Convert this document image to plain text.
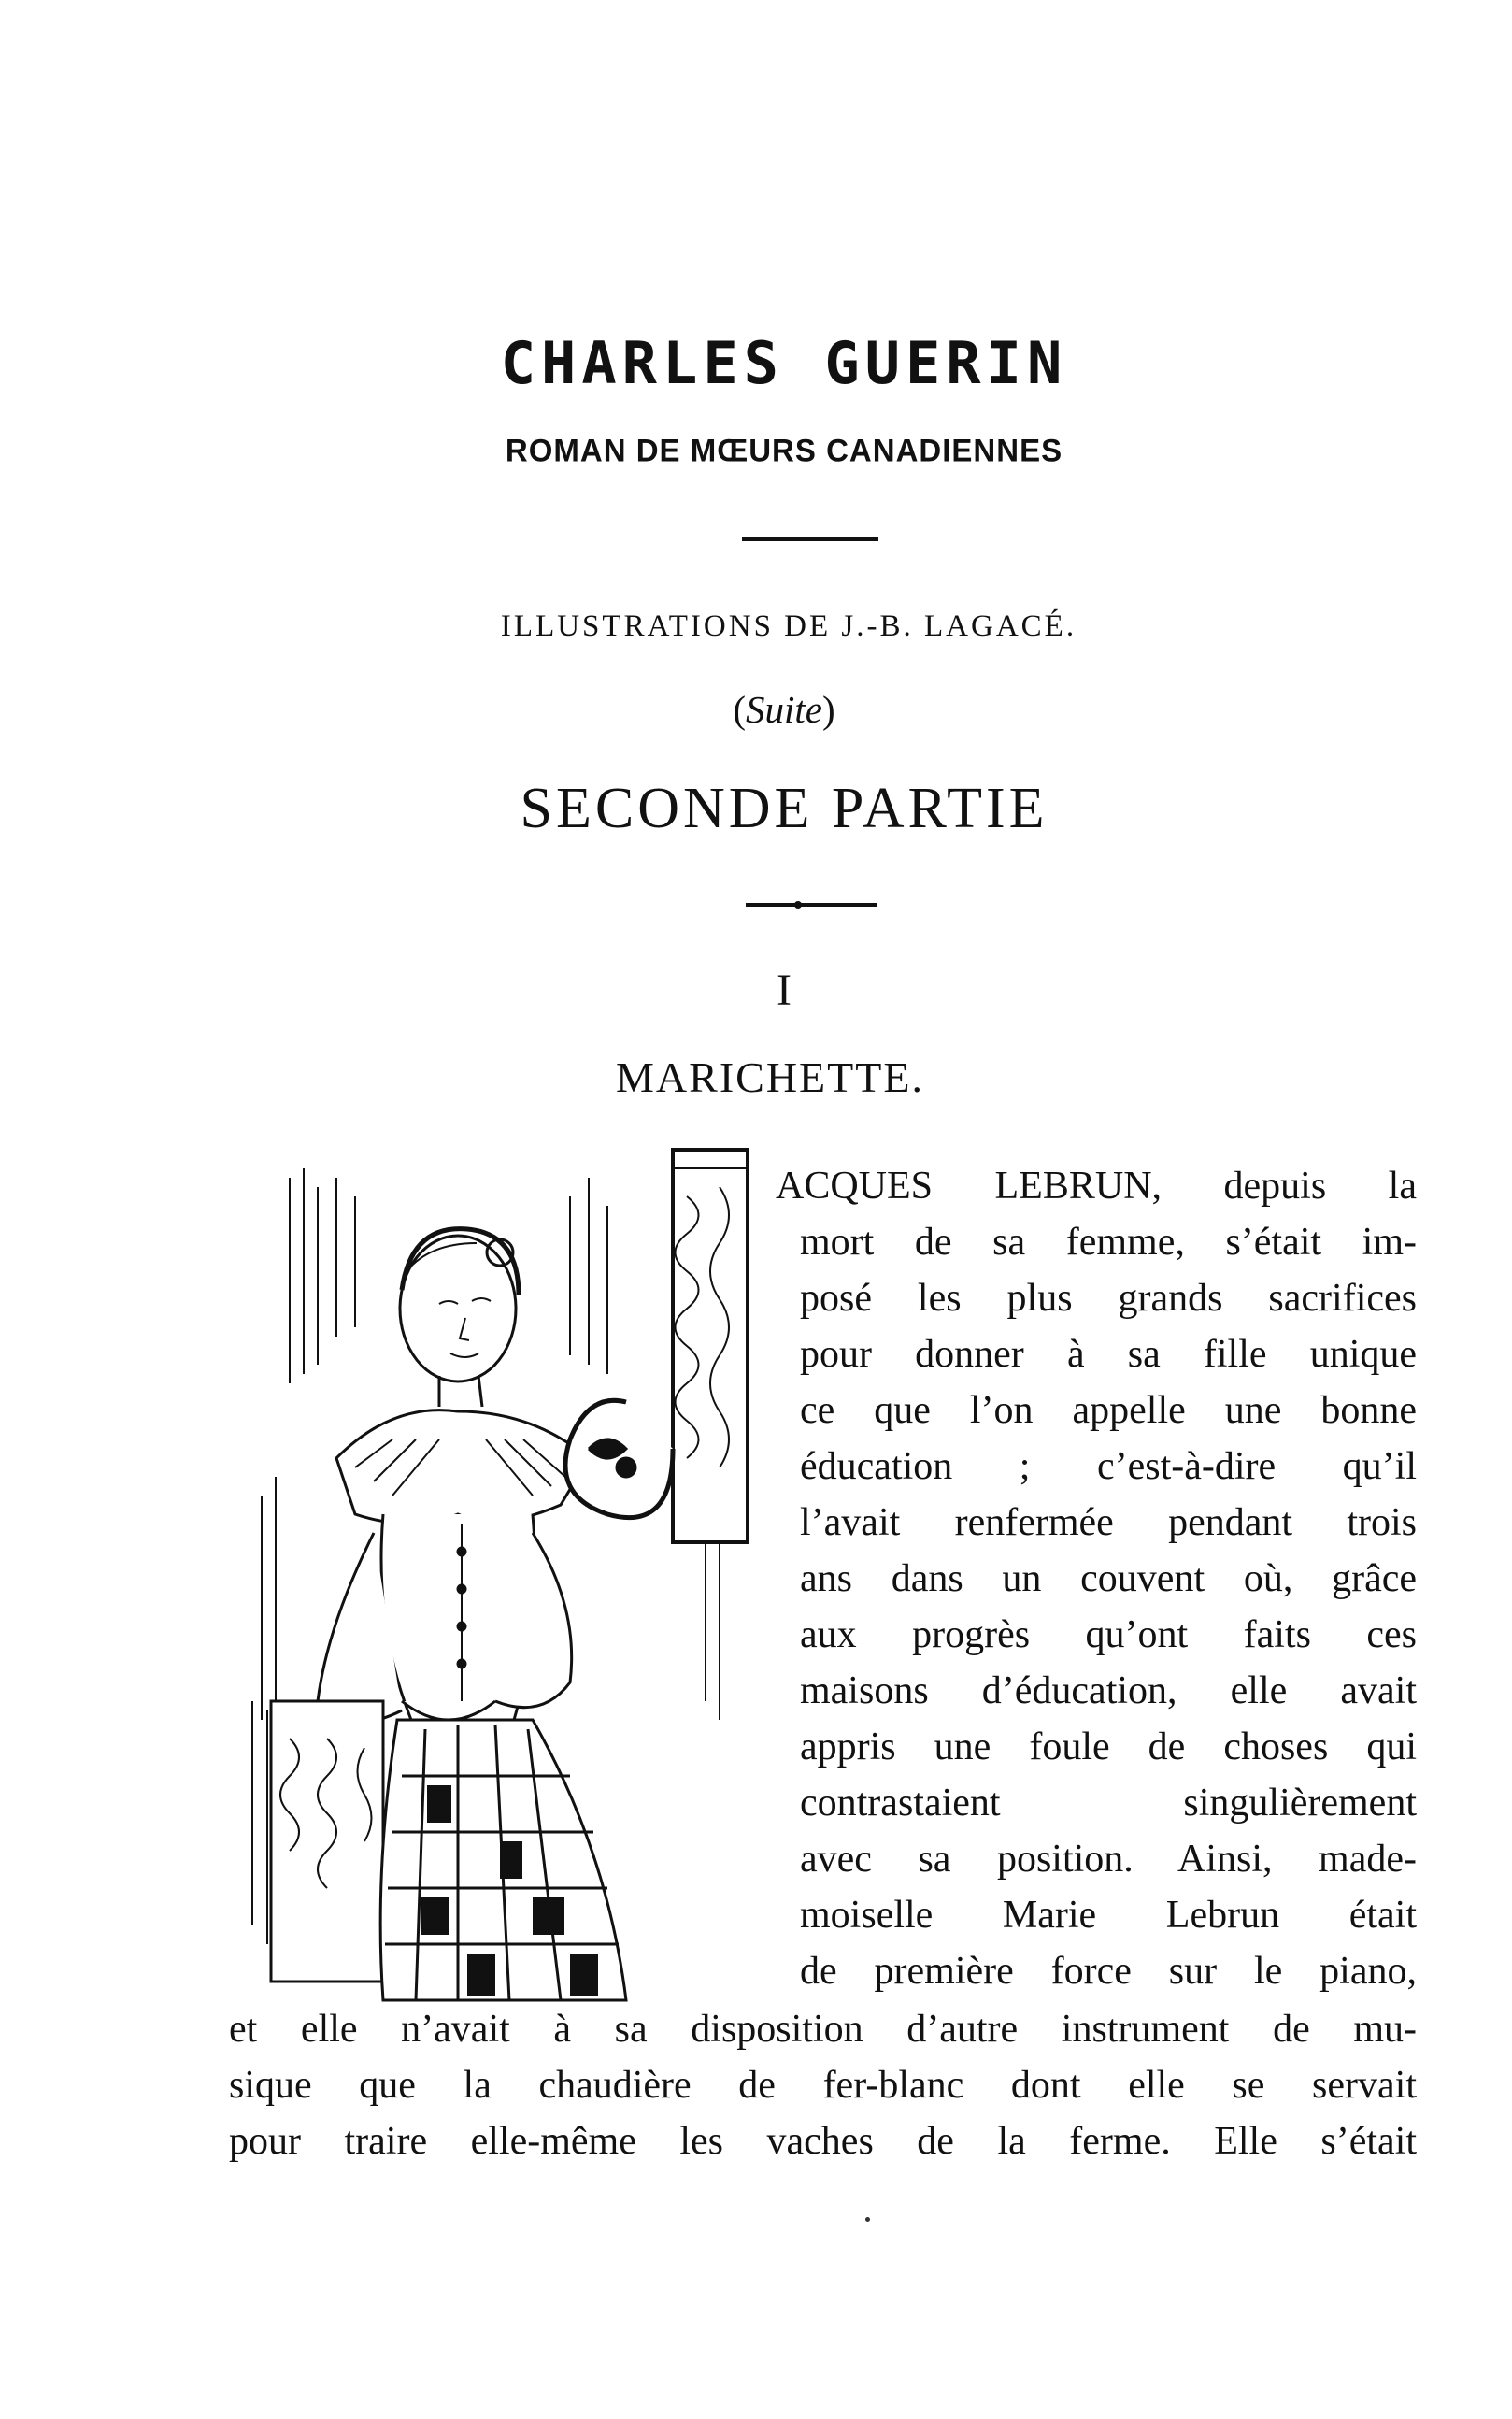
CHARLES GUERIN
ROMAN DE MŒURS CANADIENNES
ILLUSTRATIONS DE J.-B. LAGACÉ.
(Suite)
SECONDE PARTIE
I
MARICHETTE.
ACQUES LEBRUN, depuis la
mort de sa femme, s’était im-
posé les plus grands sacrifices
pour donner à sa fille unique
ce que l’on appelle une bonne
éducation ; c’est-à-dire qu’il
l’avait renfermée pendant trois
ans dans un couvent où, grâce
aux progrès qu’ont faits ces
maisons d’éducation, elle avait
appris une foule de choses qui
contrastaient singulièrement
avec sa position. Ainsi, made-
moiselle Marie Lebrun était
de première force sur le piano,
et elle n’avait à sa disposition d’autre instrument de mu-
sique que la chaudière de fer-blanc dont elle se servait
pour traire elle-même les vaches de la ferme. Elle s’était
